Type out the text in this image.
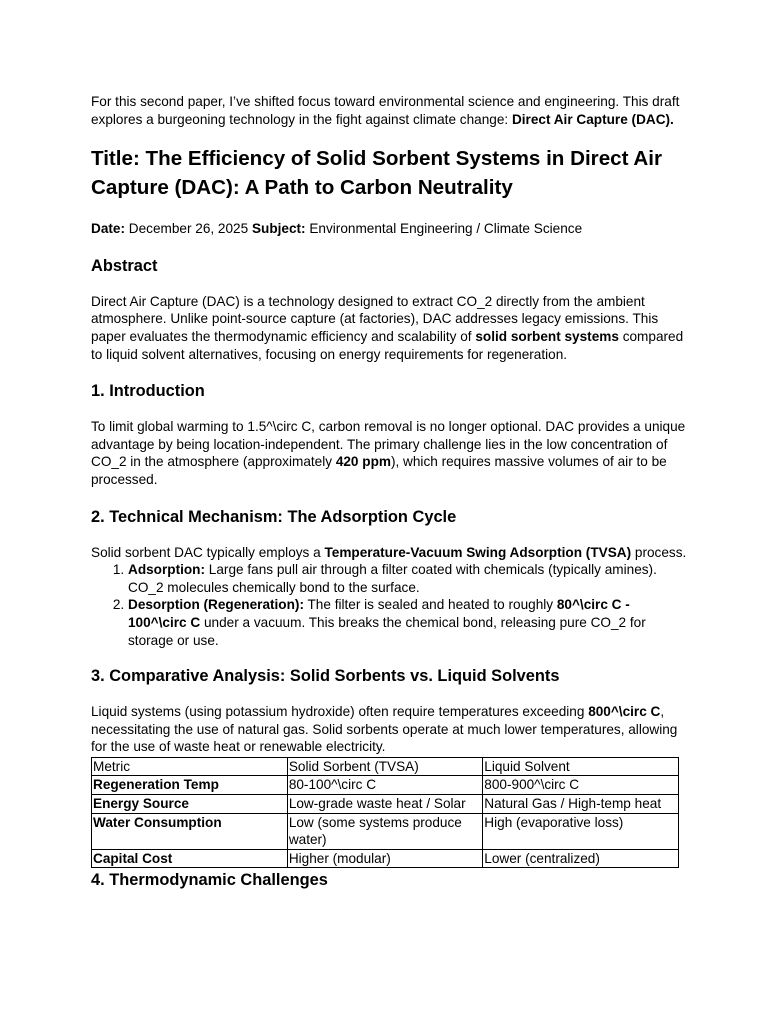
For this second paper, I’ve shifted focus toward environmental science and engineering. This draft explores a burgeoning technology in the fight against climate change: Direct Air Capture (DAC).

Title: The Efficiency of Solid Sorbent Systems in Direct Air Capture (DAC): A Path to Carbon Neutrality

Date: December 26, 2025 Subject: Environmental Engineering / Climate Science

Abstract

Direct Air Capture (DAC) is a technology designed to extract CO_2 directly from the ambient atmosphere. Unlike point-source capture (at factories), DAC addresses legacy emissions. This paper evaluates the thermodynamic efficiency and scalability of solid sorbent systems compared to liquid solvent alternatives, focusing on energy requirements for regeneration.

1. Introduction

To limit global warming to 1.5^\circ C, carbon removal is no longer optional. DAC provides a unique advantage by being location-independent. The primary challenge lies in the low concentration of CO_2 in the atmosphere (approximately 420 ppm), which requires massive volumes of air to be processed.

2. Technical Mechanism: The Adsorption Cycle

Solid sorbent DAC typically employs a Temperature-Vacuum Swing Adsorption (TVSA) process.

1. Adsorption: Large fans pull air through a filter coated with chemicals (typically amines). CO_2 molecules chemically bond to the surface.
2. Desorption (Regeneration): The filter is sealed and heated to roughly 80^\circ C - 100^\circ C under a vacuum. This breaks the chemical bond, releasing pure CO_2 for storage or use.
3. Comparative Analysis: Solid Sorbents vs. Liquid Solvents

Liquid systems (using potassium hydroxide) often require temperatures exceeding 800^\circ C, necessitating the use of natural gas. Solid sorbents operate at much lower temperatures, allowing for the use of waste heat or renewable electricity.

Metric	Solid Sorbent (TVSA)	Liquid Solvent
Regeneration Temp	80-100^\circ C	800-900^\circ C
Energy Source	Low-grade waste heat / Solar	Natural Gas / High-temp heat
Water Consumption	Low (some systems produce water)	High (evaporative loss)
Capital Cost	Higher (modular)	Lower (centralized)
4. Thermodynamic Challenges
